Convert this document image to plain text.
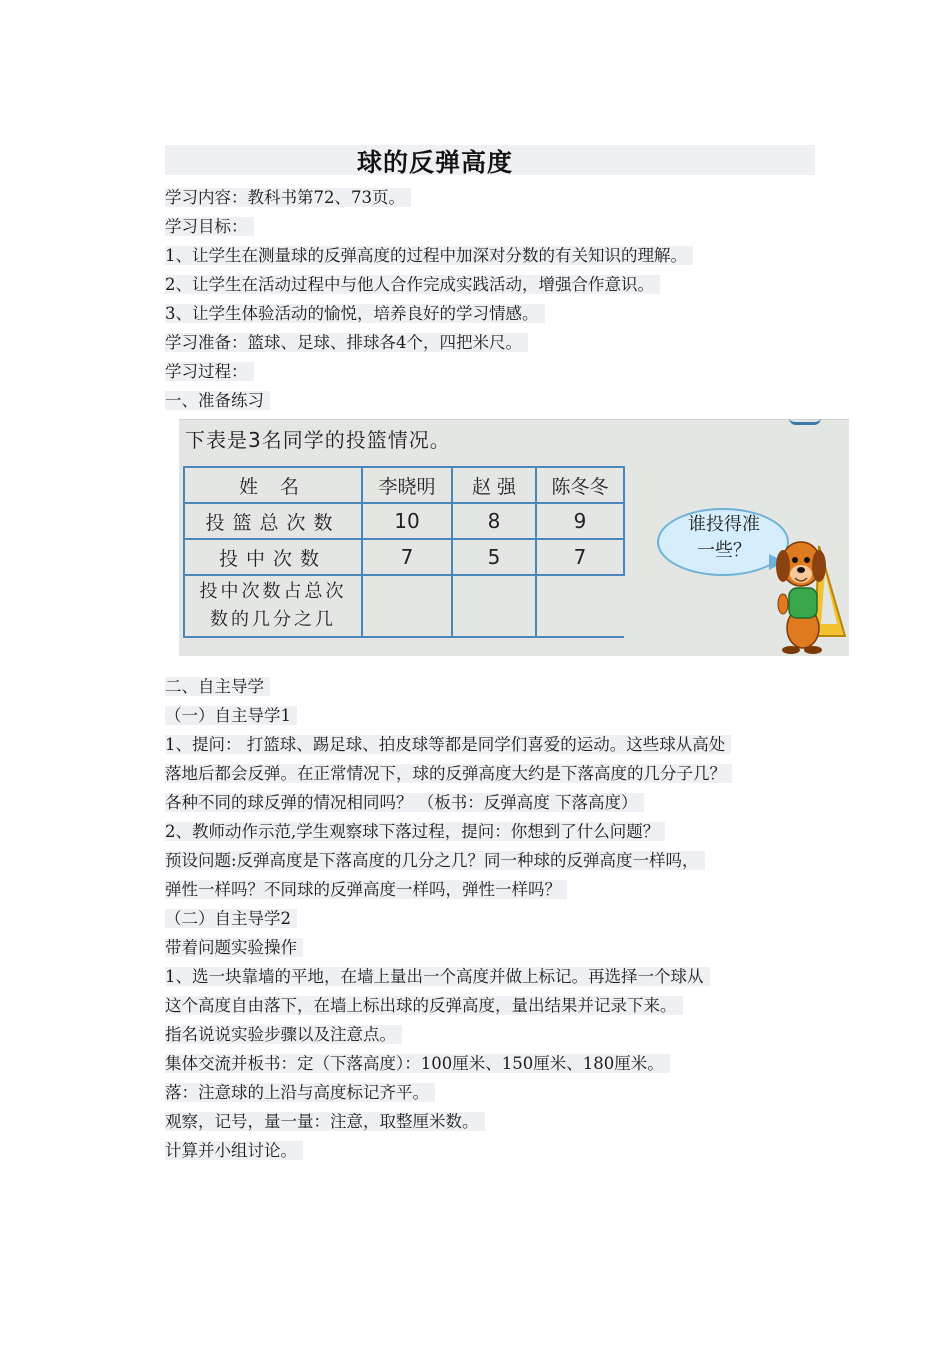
球的反弹高度
学习内容：教科书第72、73页。
学习目标：
1、让学生在测量球的反弹高度的过程中加深对分数的有关知识的理解。
2、让学生在活动过程中与他人合作完成实践活动，增强合作意识。
3、让学生体验活动的愉悦，培养良好的学习情感。
学习准备：篮球、足球、排球各4个，四把米尺。
学习过程：
一、准备练习
下表是3名同学的投篮情况。
姓 名	李晓明	赵 强	陈冬冬
投篮总次数	10	8	9
投中次数	7	5	7

投中次数占总次
数的几分之几			

谁投得准
一些？
二、自主导学
（一）自主导学1
1、提问： 打篮球、踢足球、拍皮球等都是同学们喜爱的运动。这些球从高处
落地后都会反弹。在正常情况下，球的反弹高度大约是下落高度的几分子几？
各种不同的球反弹的情况相同吗？ （板书：反弹高度 下落高度）
2、教师动作示范,学生观察球下落过程，提问：你想到了什么问题？
预设问题:反弹高度是下落高度的几分之几？同一种球的反弹高度一样吗，
弹性一样吗？不同球的反弹高度一样吗，弹性一样吗？
（二）自主导学2
带着问题实验操作
1、选一块靠墙的平地，在墙上量出一个高度并做上标记。再选择一个球从
这个高度自由落下，在墙上标出球的反弹高度，量出结果并记录下来。
指名说说实验步骤以及注意点。
集体交流并板书：定（下落高度）：100厘米、150厘米、180厘米。
落：注意球的上沿与高度标记齐平。
观察，记号，量一量：注意，取整厘米数。
计算并小组讨论。
